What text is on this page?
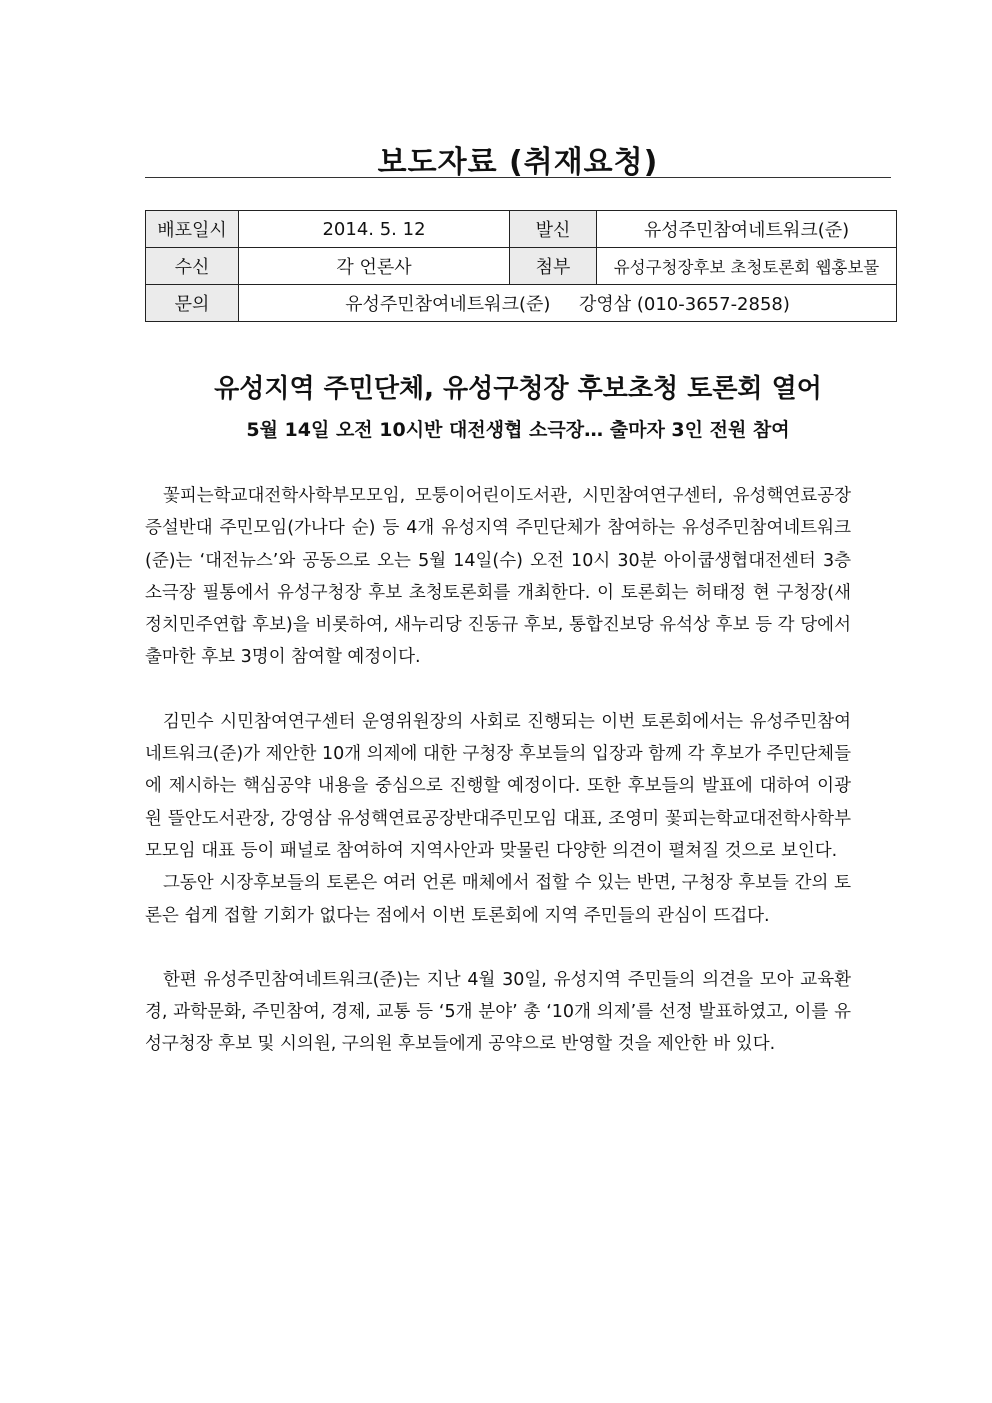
보도자료 (취재요청)
배포일시	2014. 5. 12	발신	유성주민참여네트워크(준)
수신	각 언론사	첨부	유성구청장후보 초청토론회 웹홍보물
문의	유성주민참여네트워크(준)     강영삼 (010-3657-2858)		
유성지역 주민단체, 유성구청장 후보초청 토론회 열어
5월 14일 오전 10시반 대전생협 소극장… 출마자 3인 전원 참여

꽃피는학교대전학사학부모모임, 모퉁이어린이도서관, 시민참여연구센터, 유성핵연료공장증설반대 주민모임(가나다 순) 등 4개 유성지역 주민단체가 참여하는 유성주민참여네트워크(준)는 ‘대전뉴스’와 공동으로 오는 5월 14일(수) 오전 10시 30분 아이쿱생협대전센터 3층 소극장 필통에서 유성구청장 후보 초청토론회를 개최한다. 이 토론회는 허태정 현 구청장(새정치민주연합 후보)을 비롯하여, 새누리당 진동규 후보, 통합진보당 유석상 후보 등 각 당에서 출마한 후보 3명이 참여할 예정이다.

김민수 시민참여연구센터 운영위원장의 사회로 진행되는 이번 토론회에서는 유성주민참여네트워크(준)가 제안한 10개 의제에 대한 구청장 후보들의 입장과 함께 각 후보가 주민단체들에 제시하는 핵심공약 내용을 중심으로 진행할 예정이다. 또한 후보들의 발표에 대하여 이광원 뜰안도서관장, 강영삼 유성핵연료공장반대주민모임 대표, 조영미 꽃피는학교대전학사학부모모임 대표 등이 패널로 참여하여 지역사안과 맞물린 다양한 의견이 펼쳐질 것으로 보인다.

그동안 시장후보들의 토론은 여러 언론 매체에서 접할 수 있는 반면, 구청장 후보들 간의 토론은 쉽게 접할 기회가 없다는 점에서 이번 토론회에 지역 주민들의 관심이 뜨겁다.

한편 유성주민참여네트워크(준)는 지난 4월 30일, 유성지역 주민들의 의견을 모아 교육환경, 과학문화, 주민참여, 경제, 교통 등 ‘5개 분야’ 총 ‘10개 의제’를 선정 발표하였고, 이를 유성구청장 후보 및 시의원, 구의원 후보들에게 공약으로 반영할 것을 제안한 바 있다.
